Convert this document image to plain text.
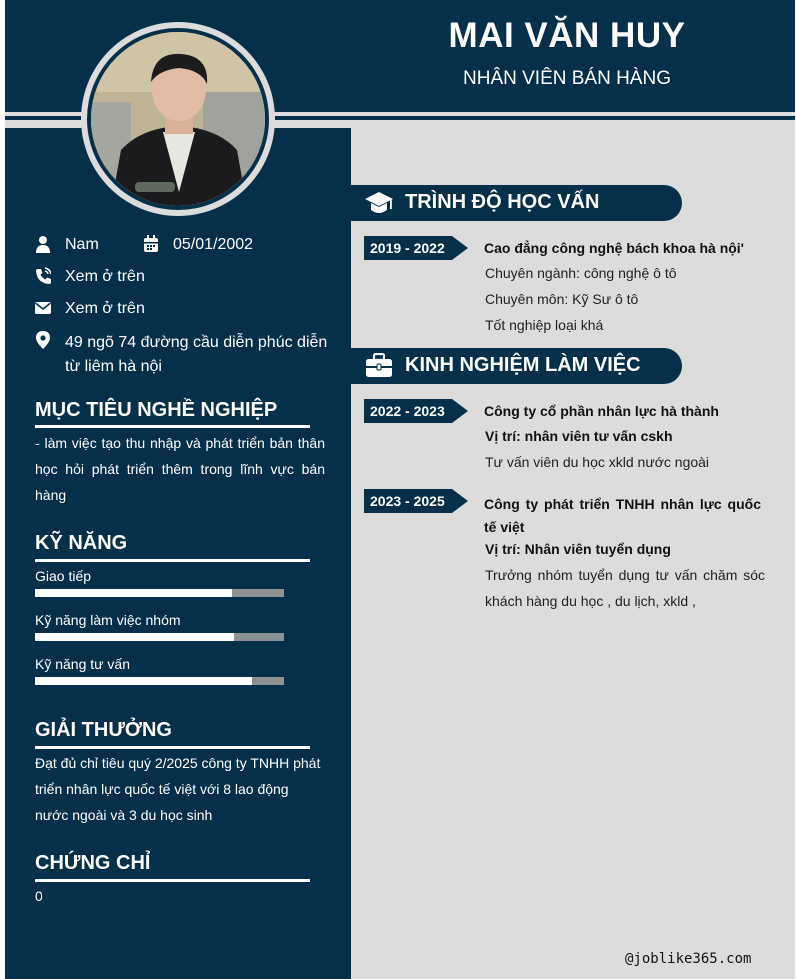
MAI VĂN HUY
NHÂN VIÊN BÁN HÀNG
Nam	05/01/2002
Xem ở trên
Xem ở trên
49 ngõ 74 đường cầu diễn phúc diễn từ liêm hà nội
MỤC TIÊU NGHỀ NGHIỆP
- làm việc tạo thu nhập và phát triển bản thân học hỏi phát triển thêm trong lĩnh vực bán hàng
KỸ NĂNG
Giao tiếp
Kỹ năng làm việc nhóm
Kỹ năng tư vấn
GIẢI THƯỞNG
Đạt đủ chỉ tiêu quý 2/2025 công ty TNHH phát triển nhân lực quốc tế việt với 8 lao động nước ngoài và 3 du học sinh
CHỨNG CHỈ
0
TRÌNH ĐỘ HỌC VẤN
2019 - 2022	Cao đẳng công nghệ bách khoa hà nội'
Chuyên ngành: công nghệ ô tô
Chuyên môn: Kỹ Sư ô tô
Tốt nghiệp loại khá
KINH NGHIỆM LÀM VIỆC
2022 - 2023	Công ty cổ phần nhân lực hà thành
Vị trí: nhân viên tư vấn cskh
Tư vấn viên du học xkld nước ngoài
2023 - 2025	Công ty phát triển TNHH nhân lực quốc tế việt
Vị trí: Nhân viên tuyển dụng
Trưởng nhóm tuyển dụng tư vấn chăm sóc khách hàng du học , du lịch, xkld ,
@joblike365.com
